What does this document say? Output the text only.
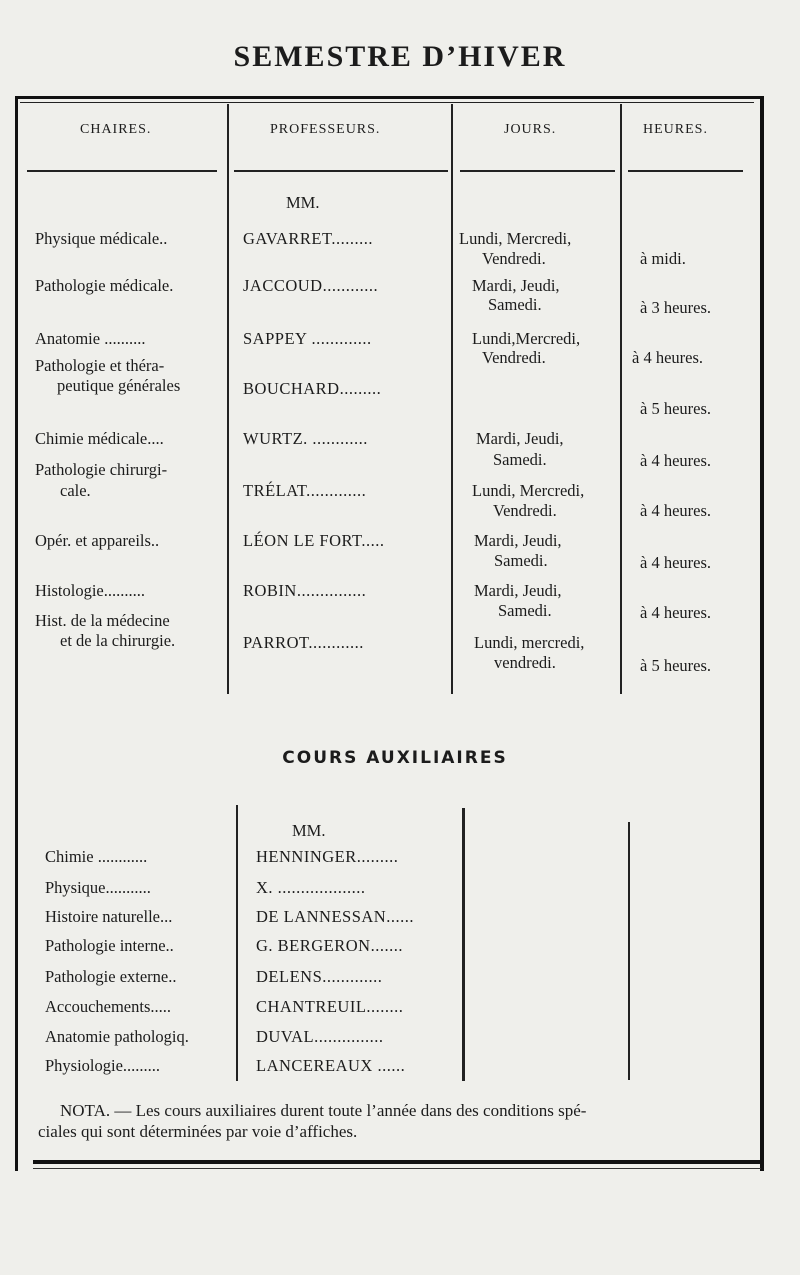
SEMESTRE D’HIVER
CHAIRES.	PROFESSEURS.	JOURS.	HEURES.
MM.
Physique médicale..	GAVARRET.........	Lundi, Mercredi,
Vendredi.	à midi.
Pathologie médicale.	JACCOUD............	Mardi, Jeudi,
Samedi.	à 3 heures.
Anatomie ..........	SAPPEY .............	Lundi,Mercredi,
Vendredi.	à 4 heures.
Pathologie et théra-
peutique générales	BOUCHARD.........
à 5 heures.
Chimie médicale....	WURTZ. ............	Mardi, Jeudi,
Samedi.	à 4 heures.
Pathologie chirurgi-
cale.	TRÉLAT.............	Lundi, Mercredi,
Vendredi.	à 4 heures.
Opér. et appareils..	LÉON LE FORT.....	Mardi, Jeudi,
Samedi.	à 4 heures.
Histologie..........	ROBIN...............	Mardi, Jeudi,
Samedi.	à 4 heures.
Hist. de la médecine
et de la chirurgie.	PARROT............	Lundi, mercredi,
vendredi.	à 5 heures.
COURS AUXILIAIRES
MM.
Chimie ............	HENNINGER.........
Physique...........	X. ...................
Histoire naturelle...	DE LANNESSAN......
Pathologie interne..	G. BERGERON.......
Pathologie externe..	DELENS.............
Accouchements.....	CHANTREUIL........
Anatomie pathologiq.	DUVAL...............
Physiologie.........	LANCEREAUX ......
NOTA. — Les cours auxiliaires durent toute l’année dans des conditions spé-
ciales qui sont déterminées par voie d’affiches.
